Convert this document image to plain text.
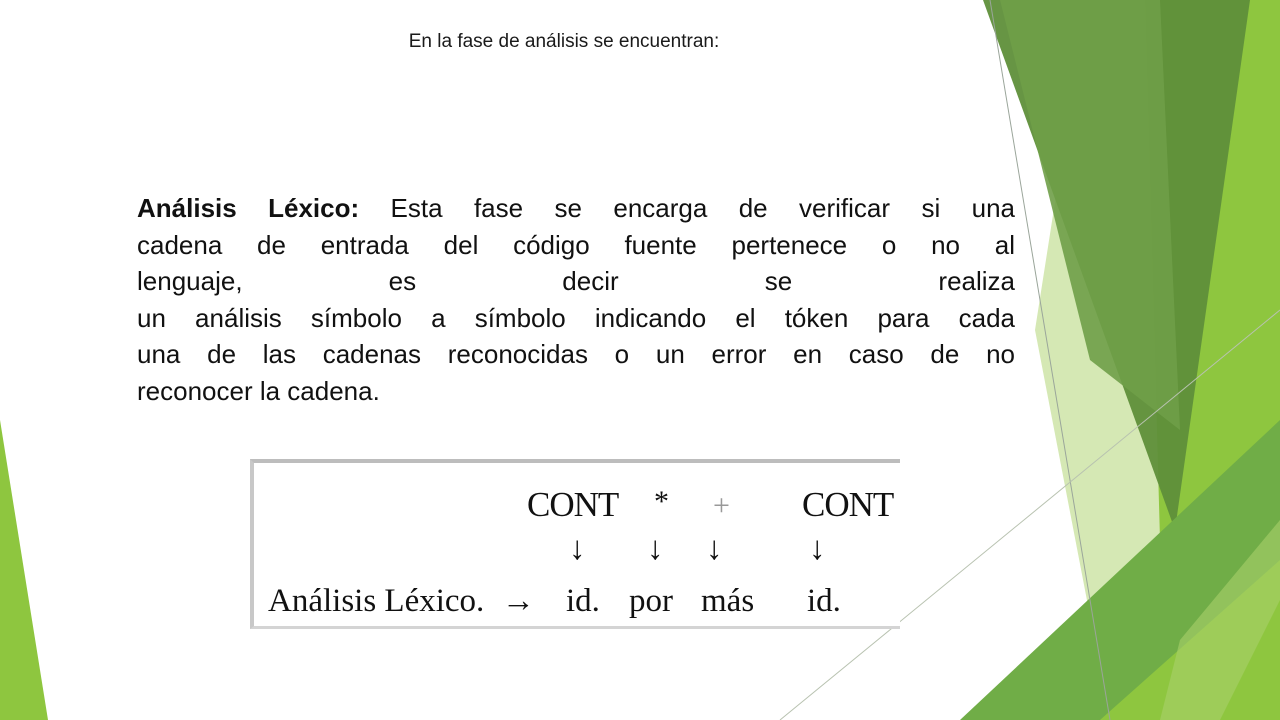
En la fase de análisis se encuentran:
Análisis Léxico: Esta fase se encarga de verificar si una
cadena de entrada del código fuente pertenece o no al
lenguaje, es decir se realiza
un análisis símbolo a símbolo indicando el tóken para cada
una de las cadenas reconocidas o un error en caso de no
reconocer la cadena.
CONT * + CONT
↓ ↓ ↓	↓
Análisis Léxico. → id. por más id.
